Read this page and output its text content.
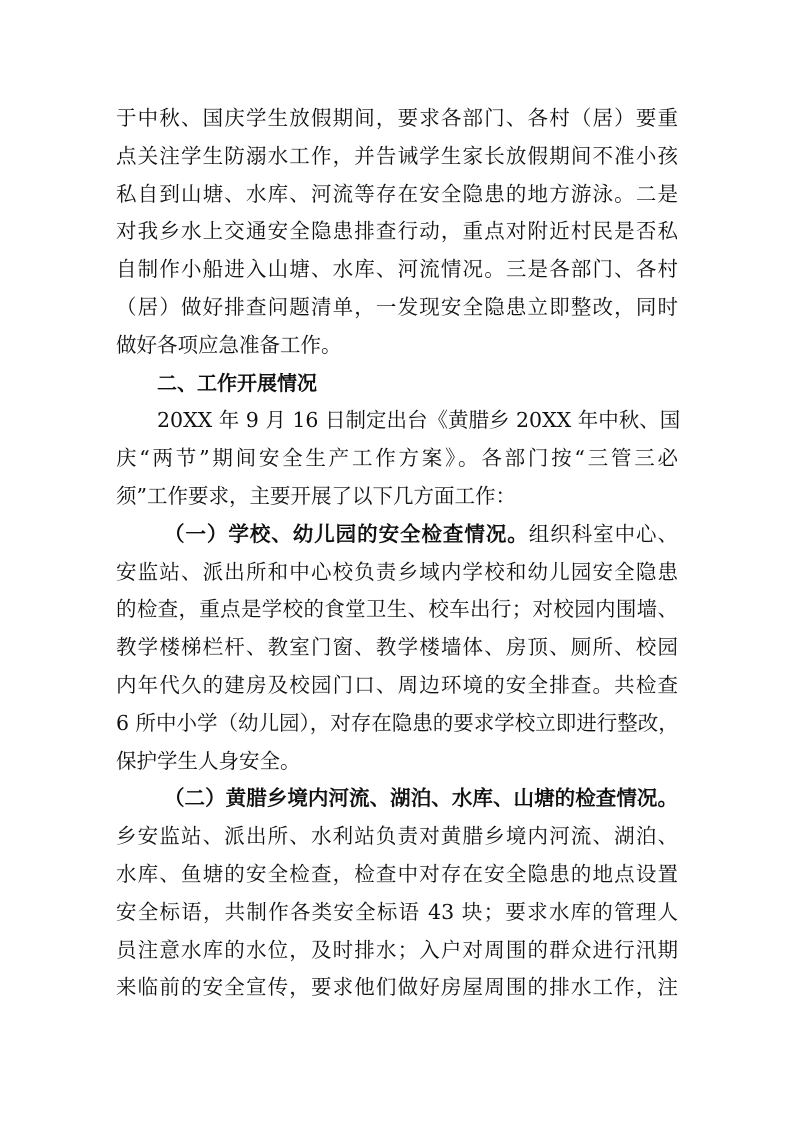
于中秋、国庆学生放假期间，要求各部门、各村（居）要重
点关注学生防溺水工作，并告诫学生家长放假期间不准小孩
私自到山塘、水库、河流等存在安全隐患的地方游泳。二是
对我乡水上交通安全隐患排查行动，重点对附近村民是否私
自制作小船进入山塘、水库、河流情况。三是各部门、各村
（居）做好排查问题清单，一发现安全隐患立即整改，同时
做好各项应急准备工作。
二、工作开展情况
20XX 年 9 月 16 日制定出台《黄腊乡 20XX 年中秋、国
庆“两节”期间安全生产工作方案》。各部门按“三管三必
须”工作要求，主要开展了以下几方面工作：
（一）学校、幼儿园的安全检查情况。组织科室中心、
安监站、派出所和中心校负责乡域内学校和幼儿园安全隐患
的检查，重点是学校的食堂卫生、校车出行；对校园内围墙、
教学楼梯栏杆、教室门窗、教学楼墙体、房顶、厕所、校园
内年代久的建房及校园门口、周边环境的安全排查。共检查
6 所中小学（幼儿园），对存在隐患的要求学校立即进行整改，
保护学生人身安全。
（二）黄腊乡境内河流、湖泊、水库、山塘的检查情况。
乡安监站、派出所、水利站负责对黄腊乡境内河流、湖泊、
水库、鱼塘的安全检查，检查中对存在安全隐患的地点设置
安全标语，共制作各类安全标语 43 块；要求水库的管理人
员注意水库的水位，及时排水；入户对周围的群众进行汛期
来临前的安全宣传，要求他们做好房屋周围的排水工作，注
